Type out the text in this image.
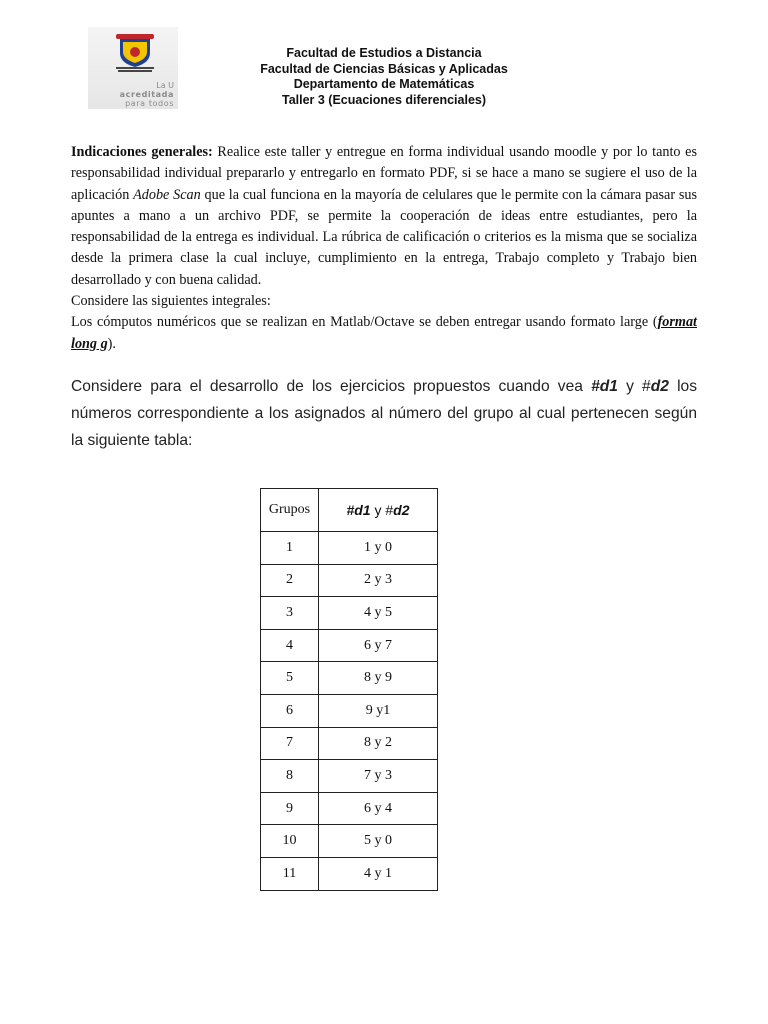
La U
acreditada
para todos
Facultad de Estudios a Distancia
Facultad de Ciencias Básicas y Aplicadas
Departamento de Matemáticas
Taller 3 (Ecuaciones diferenciales)

Indicaciones generales: Realice este taller y entregue en forma individual usando moodle y por lo tanto es responsabilidad individual prepararlo y entregarlo en formato PDF, si se hace a mano se sugiere el uso de la aplicación Adobe Scan que la cual funciona en la mayoría de celulares que le permite con la cámara pasar sus apuntes a mano a un archivo PDF, se permite la cooperación de ideas entre estudiantes, pero la responsabilidad de la entrega es individual. La rúbrica de calificación o criterios es la misma que se socializa desde la primera clase la cual incluye, cumplimiento en la entrega, Trabajo completo y Trabajo bien desarrollado y con buena calidad.

Considere las siguientes integrales:

Los cómputos numéricos que se realizan en Matlab/Octave se deben entregar usando formato large (format long g).

Considere para el desarrollo de los ejercicios propuestos cuando vea #d1 y #d2 los números correspondiente a los asignados al número del grupo al cual pertenecen según la siguiente tabla:

Grupos	#d1 y #d2
1	1 y 0
2	2 y 3
3	4 y 5
4	6 y 7
5	8 y 9
6	9 y1
7	8 y 2
8	7 y 3
9	6 y 4
10	5 y 0
11	4 y 1
